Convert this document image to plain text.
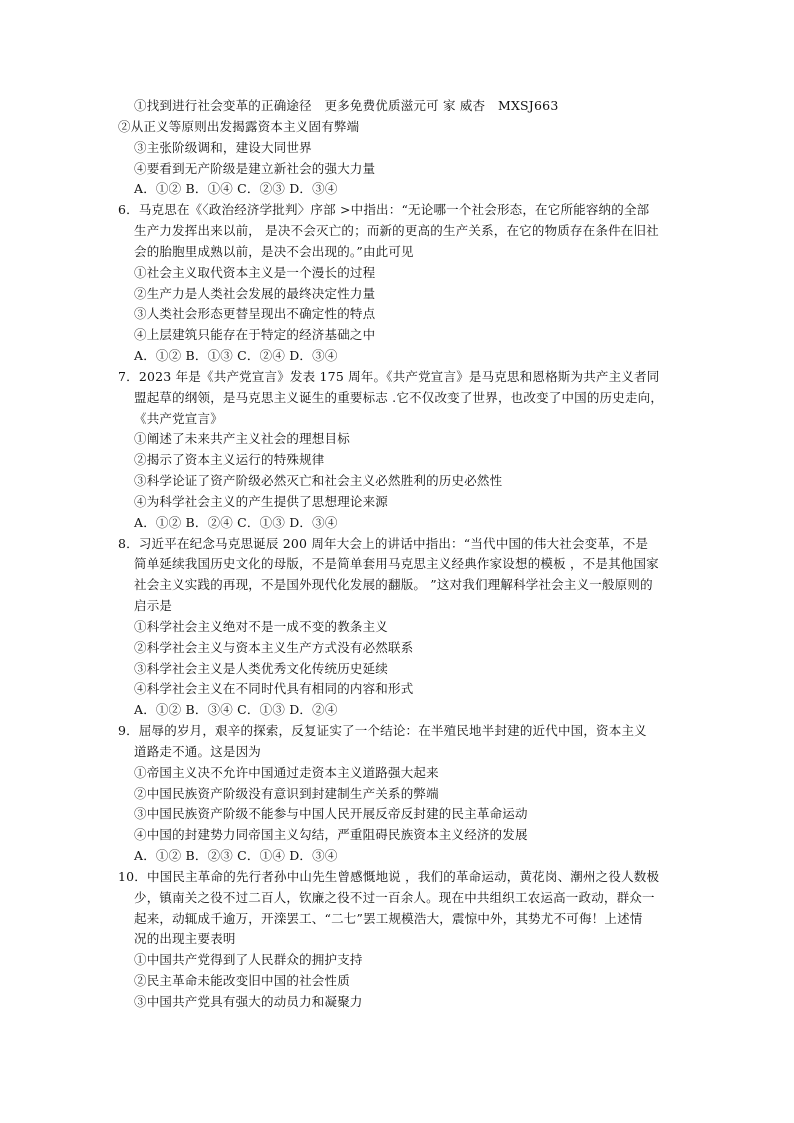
①找到进行社会变革的正确途径　更多免费优质滋元可 家 威杏　MXSJ663
②从正义等原则出发揭露资本主义固有弊端
③主张阶级调和，建设大同世界
④要看到无产阶级是建立新社会的强大力量
A．①② B．①④ C．②③ D．③④
6．马克思在《〈政治经济学批判〉序部 >中指出：“无论哪一个社会形态，在它所能容纳的全部
生产力发挥出来以前， 是决不会灭亡的；而新的更高的生产关系，在它的物质存在条件在旧社
会的胎胞里成熟以前，是决不会出现的。”由此可见
①社会主义取代资本主义是一个漫长的过程
②生产力是人类社会发展的最终决定性力量
③人类社会形态更替呈现出不确定性的特点
④上层建筑只能存在于特定的经济基础之中
A．①② B．①③ C．②④ D．③④
7．2023 年是《共产党宣言》发表 175 周年。《共产党宣言》是马克思和恩格斯为共产主义者同
盟起草的纲领，是马克思主义诞生的重要标志 .它不仅改变了世界，也改变了中国的历史走向，
《共产党宣言》
①阐述了未来共产主义社会的理想目标
②揭示了资本主义运行的特殊规律
③科学论证了资产阶级必然灭亡和社会主义必然胜利的历史必然性
④为科学社会主义的产生提供了思想理论来源
A．①② B．②④ C．①③ D．③④
8．习近平在纪念马克思诞辰 200 周年大会上的讲话中指出：“当代中国的伟大社会变革，不是
简单延续我国历史文化的母版，不是简单套用马克思主义经典作家设想的模板 ，不是其他国家
社会主义实践的再现，不是国外现代化发展的翻版。 ”这对我们理解科学社会主义一般原则的
启示是
①科学社会主义绝对不是一成不变的教条主义
②科学社会主义与资本主义生产方式没有必然联系
③科学社会主义是人类优秀文化传统历史延续
④科学社会主义在不同时代具有相同的内容和形式
A．①② B．③④ C．①③ D．②④
9．屈辱的岁月，艰辛的探索，反复证实了一个结论：在半殖民地半封建的近代中国，资本主义
道路走不通。这是因为
①帝国主义决不允许中国通过走资本主义道路强大起来
②中国民族资产阶级没有意识到封建制生产关系的弊端
③中国民族资产阶级不能参与中国人民开展反帝反封建的民主革命运动
④中国的封建势力同帝国主义勾结，严重阻碍民族资本主义经济的发展
A．①② B．②③ C．①④ D．③④
10．中国民主革命的先行者孙中山先生曾感慨地说 ，我们的革命运动，黄花岗、潮州之役人数极
少，镇南关之役不过二百人，钦廉之役不过一百余人。现在中共组织工农运高一政动，群众一
起来，动辄成千逾万，开滦罢工、“二七”罢工规模浩大，震惊中外，其势尤不可侮！上述情
况的出现主要表明
①中国共产党得到了人民群众的拥护支持
②民主革命未能改变旧中国的社会性质
③中国共产党具有强大的动员力和凝聚力
